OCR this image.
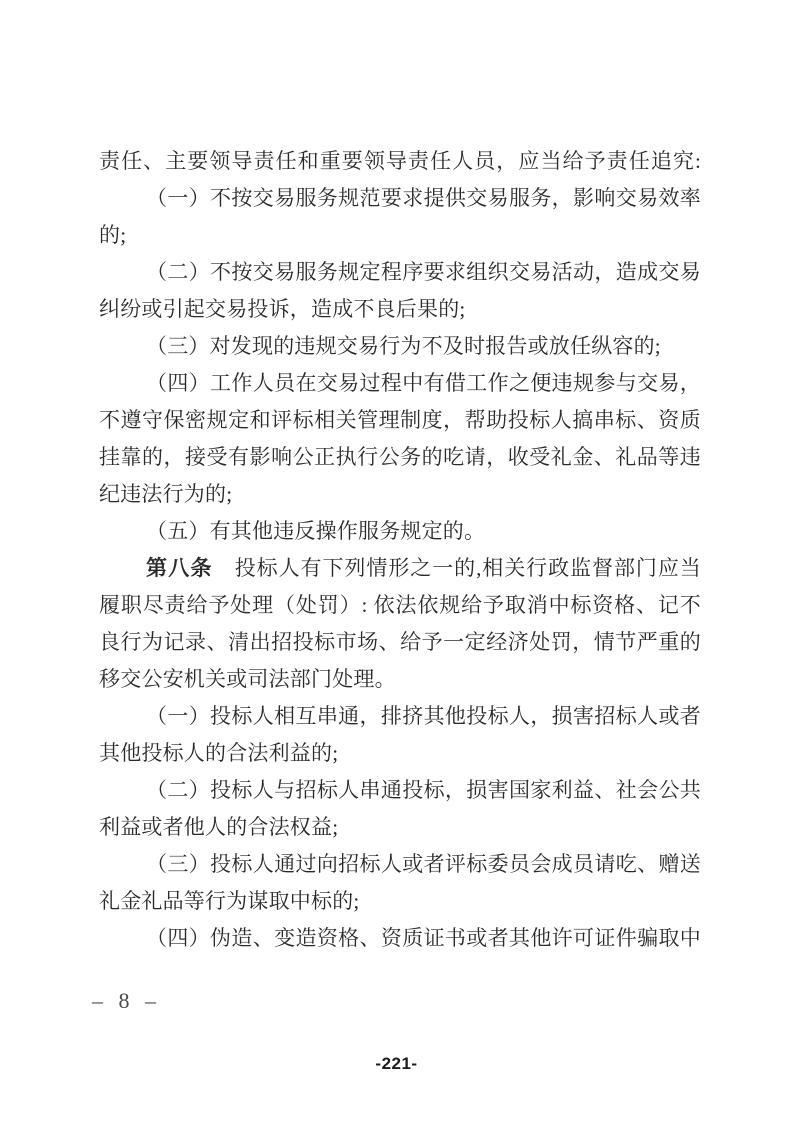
责任、主要领导责任和重要领导责任人员，应当给予责任追究:
（一）不按交易服务规范要求提供交易服务，影响交易效率
的;
（二）不按交易服务规定程序要求组织交易活动，造成交易
纠纷或引起交易投诉，造成不良后果的;
（三）对发现的违规交易行为不及时报告或放任纵容的;
（四）工作人员在交易过程中有借工作之便违规参与交易，
不遵守保密规定和评标相关管理制度，帮助投标人搞串标、资质
挂靠的，接受有影响公正执行公务的吃请，收受礼金、礼品等违
纪违法行为的;
（五）有其他违反操作服务规定的。
第八条　投标人有下列情形之一的,相关行政监督部门应当
履职尽责给予处理（处罚）: 依法依规给予取消中标资格、记不
良行为记录、清出招投标市场、给予一定经济处罚，情节严重的
移交公安机关或司法部门处理。
（一）投标人相互串通，排挤其他投标人，损害招标人或者
其他投标人的合法利益的;
（二）投标人与招标人串通投标，损害国家利益、社会公共
利益或者他人的合法权益;
（三）投标人通过向招标人或者评标委员会成员请吃、赠送
礼金礼品等行为谋取中标的;
（四）伪造、变造资格、资质证书或者其他许可证件骗取中
– 8 –
-221-
